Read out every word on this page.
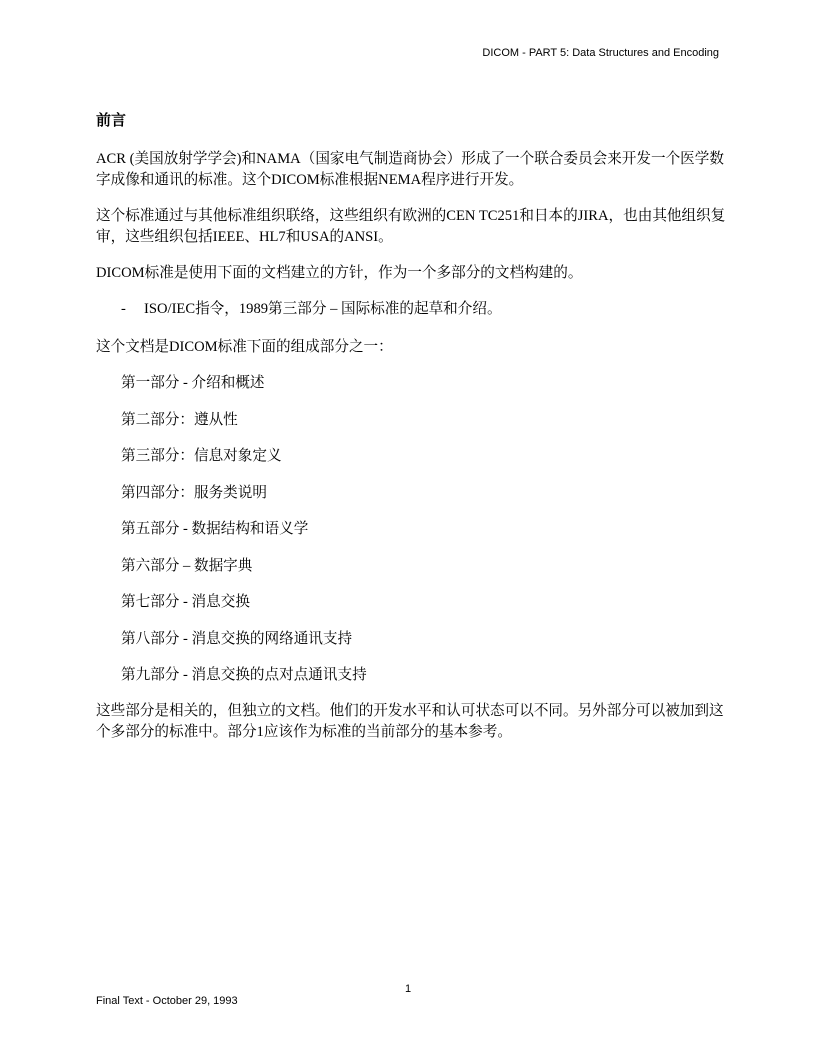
DICOM - PART 5: Data Structures and Encoding

前言

ACR (美国放射学学会)和NAMA（国家电气制造商协会）形成了一个联合委员会来开发一个医学数字成像和通讯的标准。这个DICOM标准根据NEMA程序进行开发。

这个标准通过与其他标准组织联络，这些组织有欧洲的CEN TC251和日本的JIRA，也由其他组织复审，这些组织包括IEEE、HL7和USA的ANSI。

DICOM标准是使用下面的文档建立的方针，作为一个多部分的文档构建的。

-	ISO/IEC指令，1989第三部分 – 国际标准的起草和介绍。

这个文档是DICOM标准下面的组成部分之一：

第一部分 - 介绍和概述
第二部分：遵从性
第三部分：信息对象定义
第四部分：服务类说明
第五部分 - 数据结构和语义学
第六部分 – 数据字典
第七部分 - 消息交换
第八部分 - 消息交换的网络通讯支持
第九部分 - 消息交换的点对点通讯支持

这些部分是相关的，但独立的文档。他们的开发水平和认可状态可以不同。另外部分可以被加到这个多部分的标准中。部分1应该作为标准的当前部分的基本参考。

1
Final Text - October 29, 1993
